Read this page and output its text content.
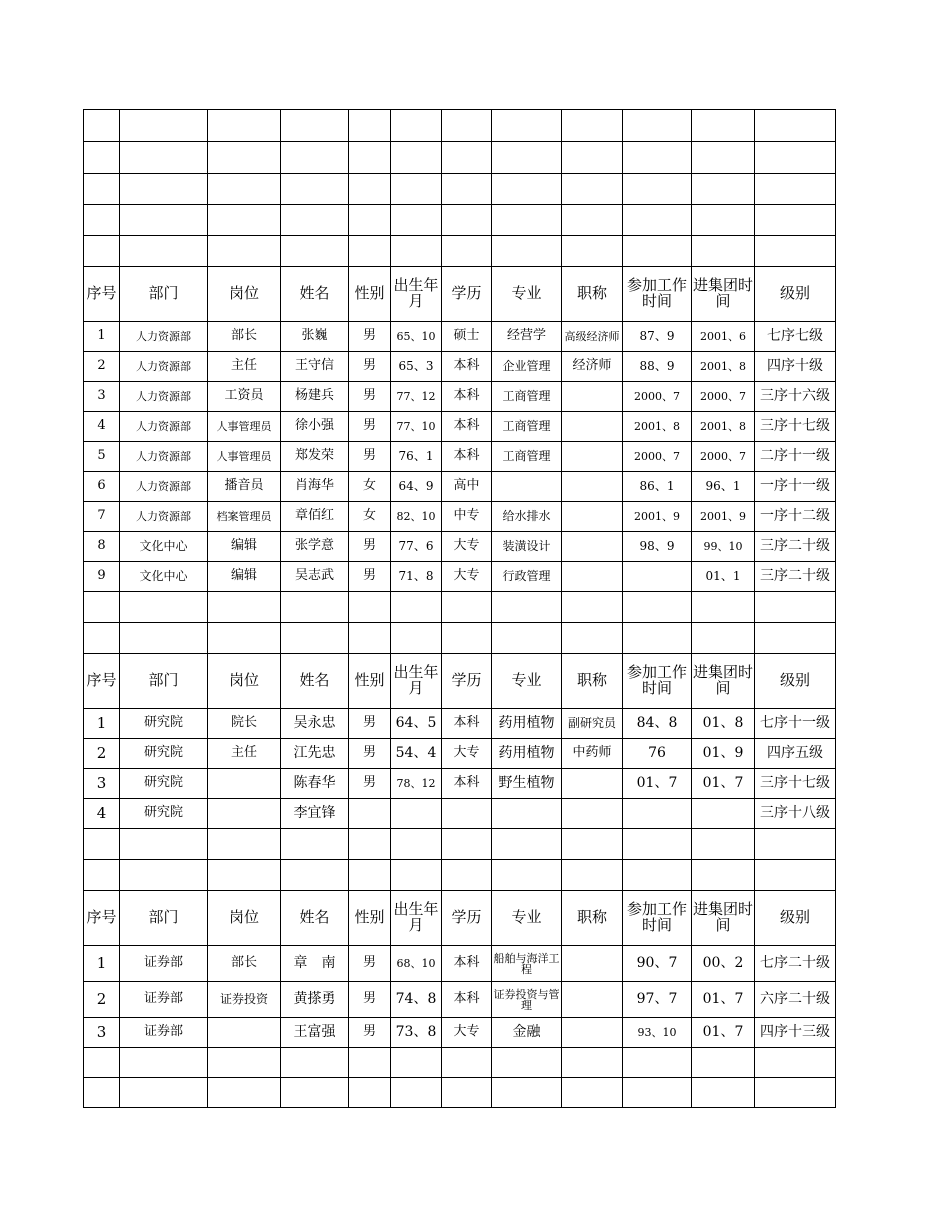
序号	部门	岗位	姓名	性别	出生年月	学历	专业	职称	参加工作时间	进集团时间	级别
1	人力资源部	部长	张巍	男	65、10	硕士	经营学	高级经济师	87、9	2001、6	七序七级
2	人力资源部	主任	王守信	男	65、3	本科	企业管理	经济师	88、9	2001、8	四序十级
3	人力资源部	工资员	杨建兵	男	77、12	本科	工商管理		2000、7	2000、7	三序十六级
4	人力资源部	人事管理员	徐小强	男	77、10	本科	工商管理		2001、8	2001、8	三序十七级
5	人力资源部	人事管理员	郑发荣	男	76、1	本科	工商管理		2000、7	2000、7	二序十一级
6	人力资源部	播音员	肖海华	女	64、9	高中			86、1	96、1	一序十一级
7	人力资源部	档案管理员	章佰红	女	82、10	中专	给水排水		2001、9	2001、9	一序十二级
8	文化中心	编辑	张学意	男	77、6	大专	装潢设计		98、9	99、10	三序二十级
9	文化中心	编辑	吴志武	男	71、8	大专	行政管理			01、1	三序二十级

序号	部门	岗位	姓名	性别	出生年月	学历	专业	职称	参加工作时间	进集团时间	级别
1	研究院	院长	吴永忠	男	64、5	本科	药用植物	副研究员	84、8	01、8	七序十一级
2	研究院	主任	江先忠	男	54、4	大专	药用植物	中药师	76	01、9	四序五级
3	研究院		陈春华	男	78、12	本科	野生植物		01、7	01、7	三序十七级
4	研究院		李宜锋								三序十八级

序号	部门	岗位	姓名	性别	出生年月	学历	专业	职称	参加工作时间	进集团时间	级别
1	证券部	部长	章　南	男	68、10	本科	船舶与海洋工程		90、7	00、2	七序二十级
2	证券部	证券投资	黄搽勇	男	74、8	本科	证券投资与管理		97、7	01、7	六序二十级
3	证券部		王富强	男	73、8	大专	金融		93、10	01、7	四序十三级
